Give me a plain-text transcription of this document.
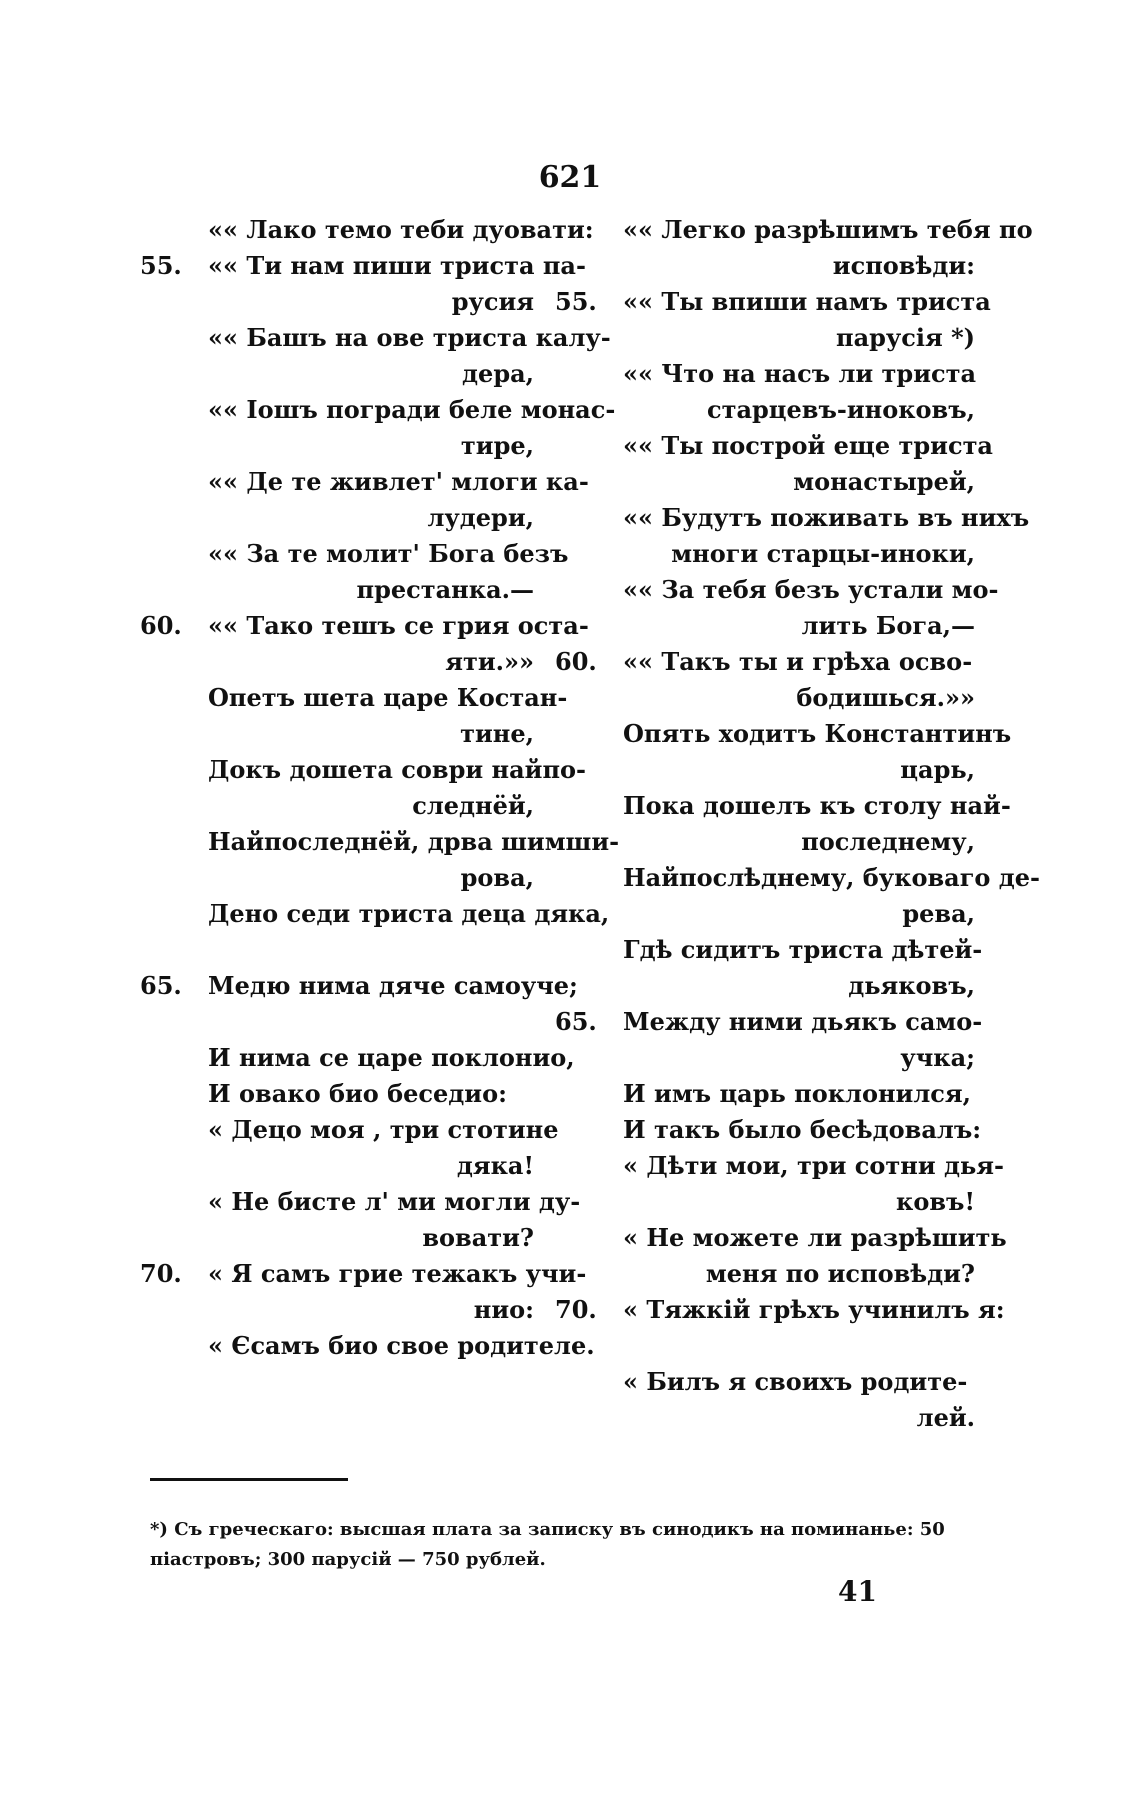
621
«« Лако темо теби дуовати:
55.	«« Ти нам пиши триста па-
русия
«« Башъ на ове триста калу-
дера,
«« Іошъ погради беле монас-
тире,
«« Де те живлет' млоги ка-
лудери,
«« За те молит' Бога безъ
престанка.—
60.	«« Тако тешъ се грия оста-
яти.»»
Опетъ шета царе Костан-
тине,
Докъ дошета соври найпо-
следнёй,
Найпоследнёй, дрва шимши-
рова,
Дено седи триста деца дяка,
65.	Медю нима дяче самоуче;
И нима се царе поклонио,
И овако био беседио:
« Децо моя , три стотине
дяка!
« Не бисте л' ми могли ду-
вовати?
70.	« Я самъ грие тежакъ учи-
нио:
« Єсамъ био свое родителе.
«« Легко разрѣшимъ тебя по
исповѣди:
55.	«« Ты впиши намъ триста
парусія *)
«« Что на насъ ли триста
старцевъ-иноковъ,
«« Ты построй еще триста
монастырей,
«« Будутъ поживать въ нихъ
многи старцы-иноки,
«« За тебя безъ устали мо-
лить Бога,—
60.	«« Такъ ты и грѣха осво-
бодишься.»»
Опять ходитъ Константинъ
царь,
Пока дошелъ къ столу най-
последнему,
Найпослѣднему, буковаго де-
рева,
Гдѣ сидитъ триста дѣтей-
дьяковъ,
65.	Между ними дьякъ само-
учка;
И имъ царь поклонился,
И такъ было бесѣдовалъ:
« Дѣти мои, три сотни дья-
ковъ!
« Не можете ли разрѣшить
меня по исповѣди?
70.	« Тяжкій грѣхъ учинилъ я:
« Билъ я своихъ родите-
лей.
*) Съ греческаго: высшая плата за записку въ синодикъ на поминанье: 50
піастровъ; 300 парусій — 750 рублей.
41
